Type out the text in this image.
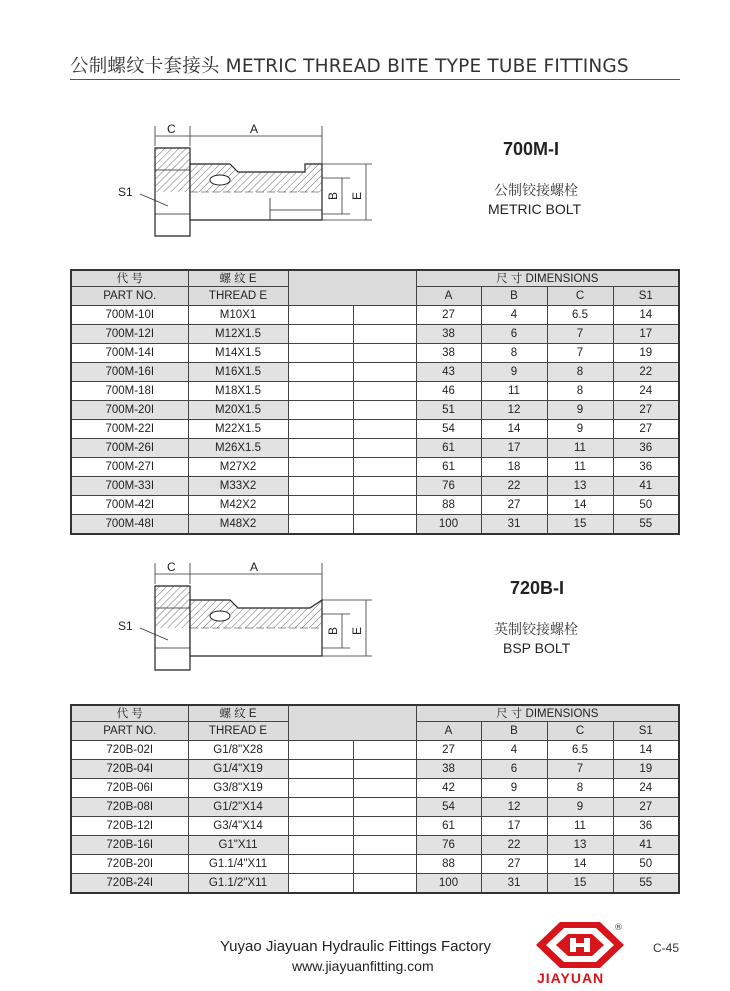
公制螺纹卡套接头 METRIC THREAD BITE TYPE TUBE FITTINGS
C	A
S1	B E
700M-I
公制铰接螺栓
METRIC BOLT
代 号	螺 纹 E			尺 寸 DIMENSIONS			
PART NO.	THREAD E			A	B	C	S1
700M-10I	M10X1			27	4	6.5	14
700M-12I	M12X1.5			38	6	7	17
700M-14I	M14X1.5			38	8	7	19
700M-16I	M16X1.5			43	9	8	22
700M-18I	M18X1.5			46	11	8	24
700M-20I	M20X1.5			51	12	9	27
700M-22I	M22X1.5			54	14	9	27
700M-26I	M26X1.5			61	17	11	36
700M-27I	M27X2			61	18	11	36
700M-33I	M33X2			76	22	13	41
700M-42I	M42X2			88	27	14	50
700M-48I	M48X2			100	31	15	55
C	A
S1	B E
720B-I
英制铰接螺栓
BSP BOLT
代 号	螺 纹 E			尺 寸 DIMENSIONS			
PART NO.	THREAD E			A	B	C	S1
720B-02I	G1/8"X28			27	4	6.5	14
720B-04I	G1/4"X19			38	6	7	19
720B-06I	G3/8"X19			42	9	8	24
720B-08I	G1/2"X14			54	12	9	27
720B-12I	G3/4"X14			61	17	11	36
720B-16I	G1"X11			76	22	13	41
720B-20I	G1.1/4"X11			88	27	14	50
720B-24I	G1.1/2"X11			100	31	15	55
Yuyao Jiayuan Hydraulic Fittings Factory
www.jiayuanfitting.com
®
JIAYUAN
C-45
